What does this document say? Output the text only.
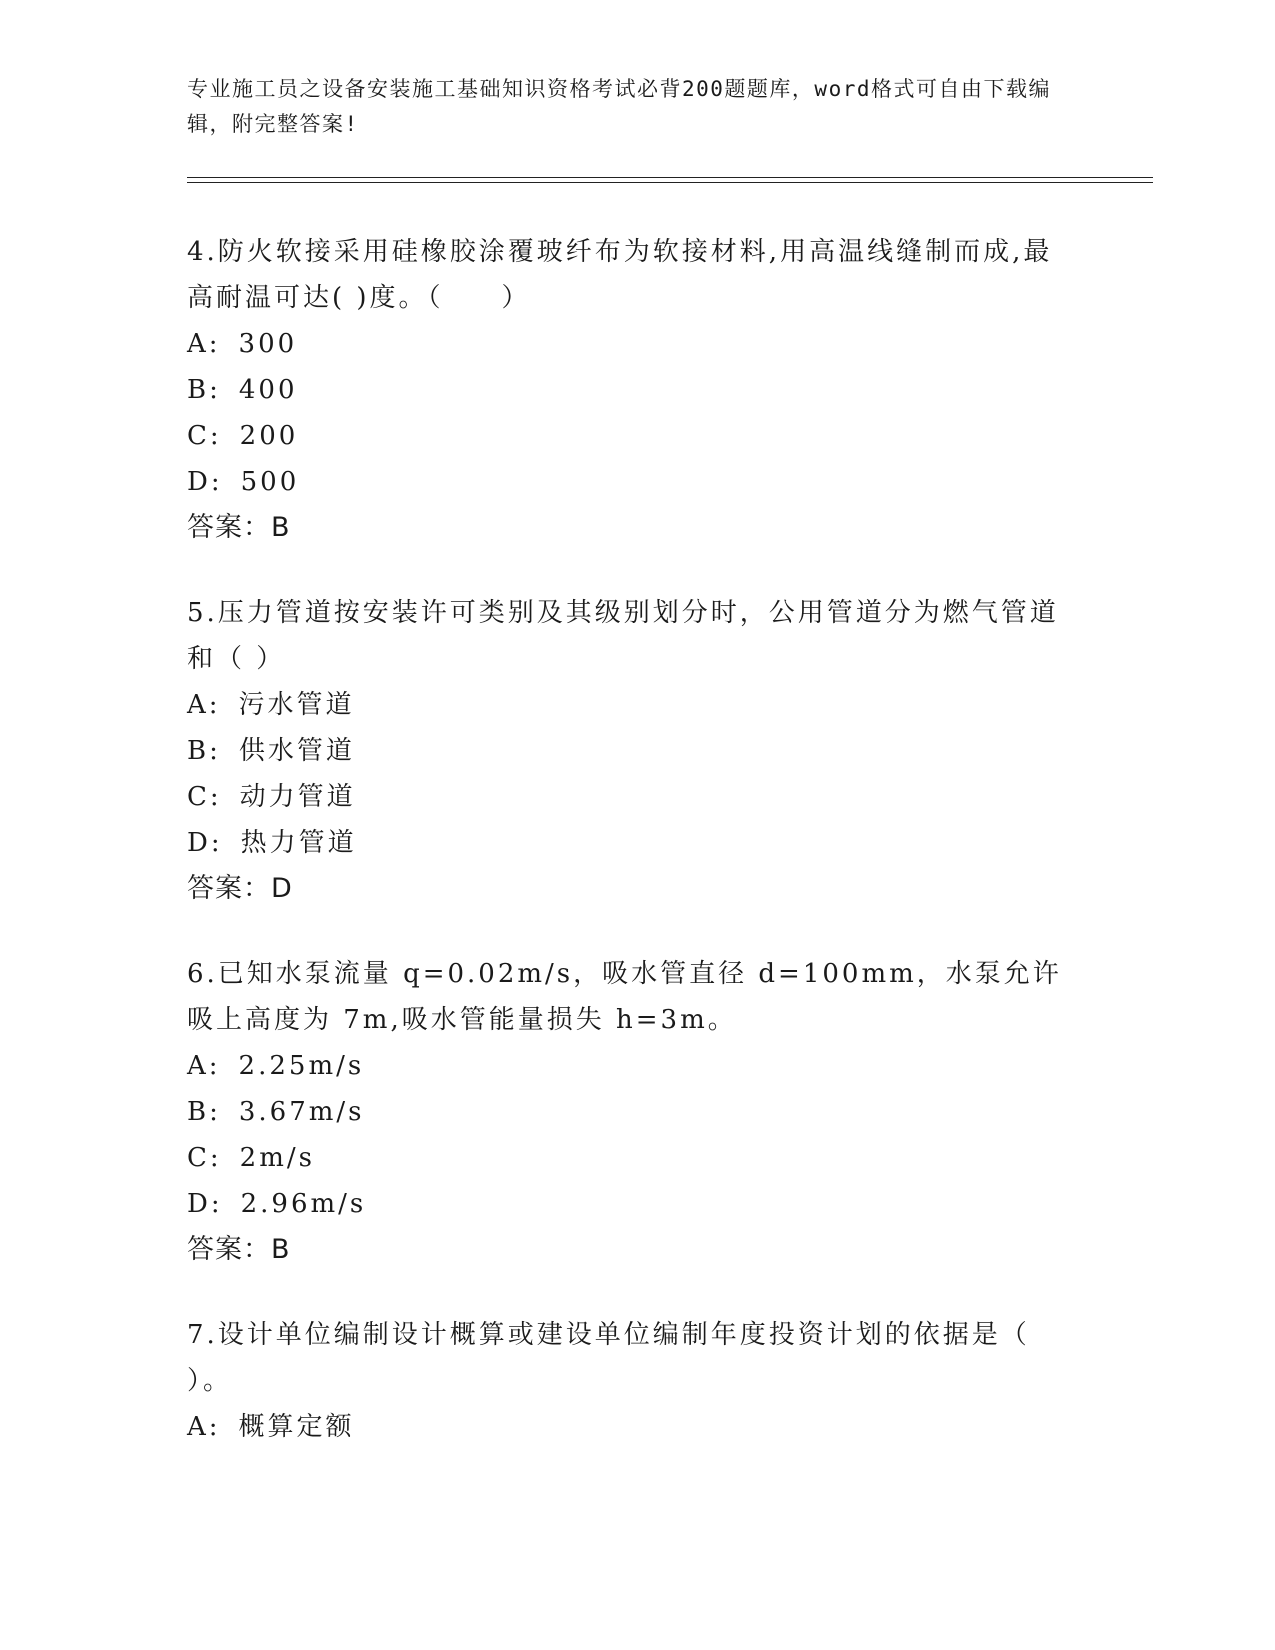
专业施工员之设备安装施工基础知识资格考试必背200题题库，word格式可自由下载编辑，附完整答案!

4.防火软接采用硅橡胶涂覆玻纤布为软接材料,用高温线缝制而成,最高耐温可达( )度。（　　）

A: 300

B: 400

C: 200

D: 500

答案：B

5.压力管道按安装许可类别及其级别划分时，公用管道分为燃气管道和（ ）

A: 污水管道

B: 供水管道

C: 动力管道

D: 热力管道

答案：D

6.已知水泵流量 q=0.02m/s，吸水管直径 d=100mm，水泵允许吸上高度为 7m,吸水管能量损失 h=3m。

A: 2.25m/s

B: 3.67m/s

C: 2m/s

D: 2.96m/s

答案：B

7.设计单位编制设计概算或建设单位编制年度投资计划的依据是（ ）。

A: 概算定额
